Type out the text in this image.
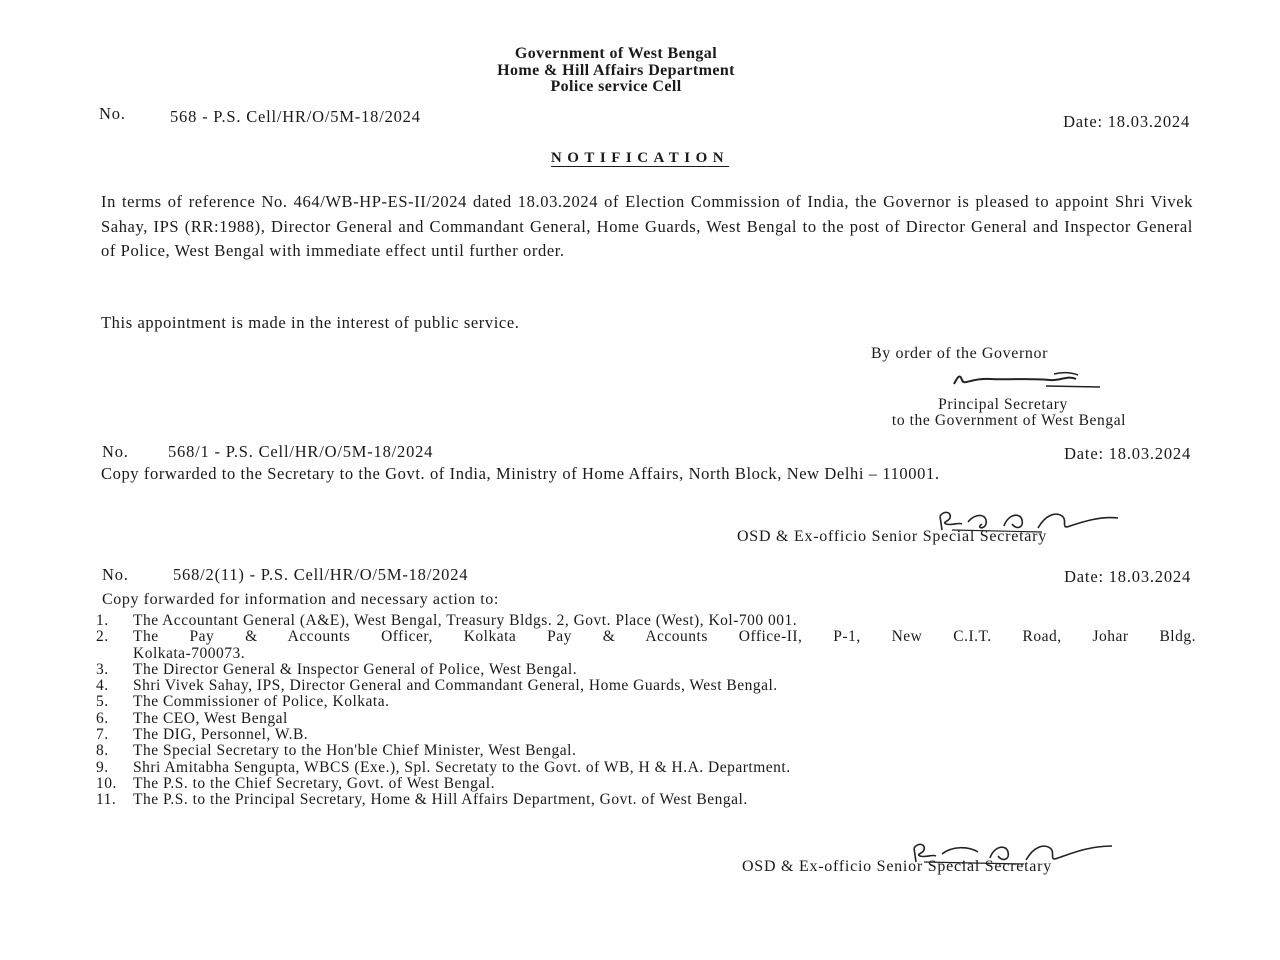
Government of West Bengal
Home & Hill Affairs Department
Police service Cell
No.	568 - P.S. Cell/HR/O/5M-18/2024	Date: 18.03.2024
NOTIFICATION
In terms of reference No. 464/WB-HP-ES-II/2024 dated 18.03.2024 of Election Commission of India, the Governor is pleased to appoint Shri Vivek Sahay, IPS (RR:1988), Director General and Commandant General, Home Guards, West Bengal to the post of Director General and Inspector General of Police, West Bengal with immediate effect until further order.
This appointment is made in the interest of public service.
By order of the Governor
Principal Secretary
to the Government of West Bengal
No. 568/1 - P.S. Cell/HR/O/5M-18/2024	Date: 18.03.2024
Copy forwarded to the Secretary to the Govt. of India, Ministry of Home Affairs, North Block, New Delhi – 110001.
OSD & Ex-officio Senior Special Secretary
No.	568/2(11) - P.S. Cell/HR/O/5M-18/2024	Date: 18.03.2024
Copy forwarded for information and necessary action to:
1. The Accountant General (A&E), West Bengal, Treasury Bldgs. 2, Govt. Place (West), Kol-700 001.
2. The Pay & Accounts Officer, Kolkata Pay & Accounts Office-II, P-1, New C.I.T. Road, Johar Bldg.
Kolkata-700073.
3. The Director General & Inspector General of Police, West Bengal.
4. Shri Vivek Sahay, IPS, Director General and Commandant General, Home Guards, West Bengal.
5. The Commissioner of Police, Kolkata.
6. The CEO, West Bengal
7. The DIG, Personnel, W.B.
8. The Special Secretary to the Hon'ble Chief Minister, West Bengal.
9. Shri Amitabha Sengupta, WBCS (Exe.), Spl. Secretaty to the Govt. of WB, H & H.A. Department.
10. The P.S. to the Chief Secretary, Govt. of West Bengal.
11. The P.S. to the Principal Secretary, Home & Hill Affairs Department, Govt. of West Bengal.
OSD & Ex-officio Senior Special Secretary
